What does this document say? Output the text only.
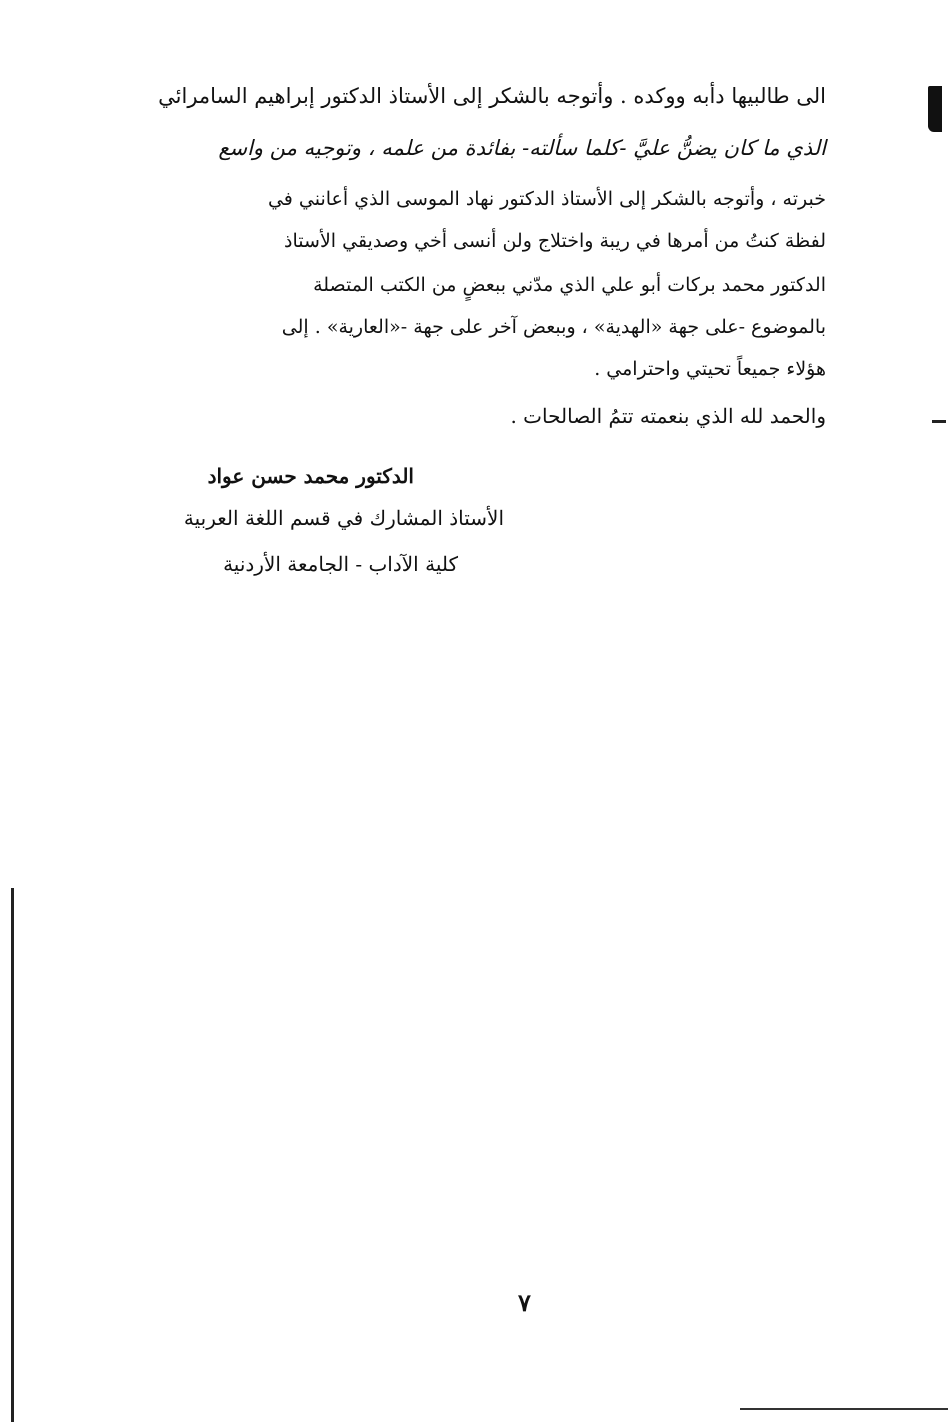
الى طالبيها دأبه ووكده . وأتوجه بالشكر إلى الأستاذ الدكتور إبراهيم السامرائي
الذي ما كان يضنُّ عليَّ -كلما سألته- بفائدة من علمه ، وتوجيه من واسع
خبرته ، وأتوجه بالشكر إلى الأستاذ الدكتور نهاد الموسى الذي أعانني في
لفظة كنتُ من أمرها في ريبة واختلاج ولن أنسى أخي وصديقي الأستاذ
الدكتور محمد بركات أبو علي الذي مدّني ببعضٍ من الكتب المتصلة
بالموضوع -على جهة «الهدية» ، وببعض آخر على جهة -«العارية» . إلى
هؤلاء جميعاً تحيتي واحترامي .
والحمد لله الذي بنعمته تتمُ الصالحات .
الدكتور محمد حسن عواد
الأستاذ المشارك في قسم اللغة العربية
كلية الآداب - الجامعة الأردنية
٧
